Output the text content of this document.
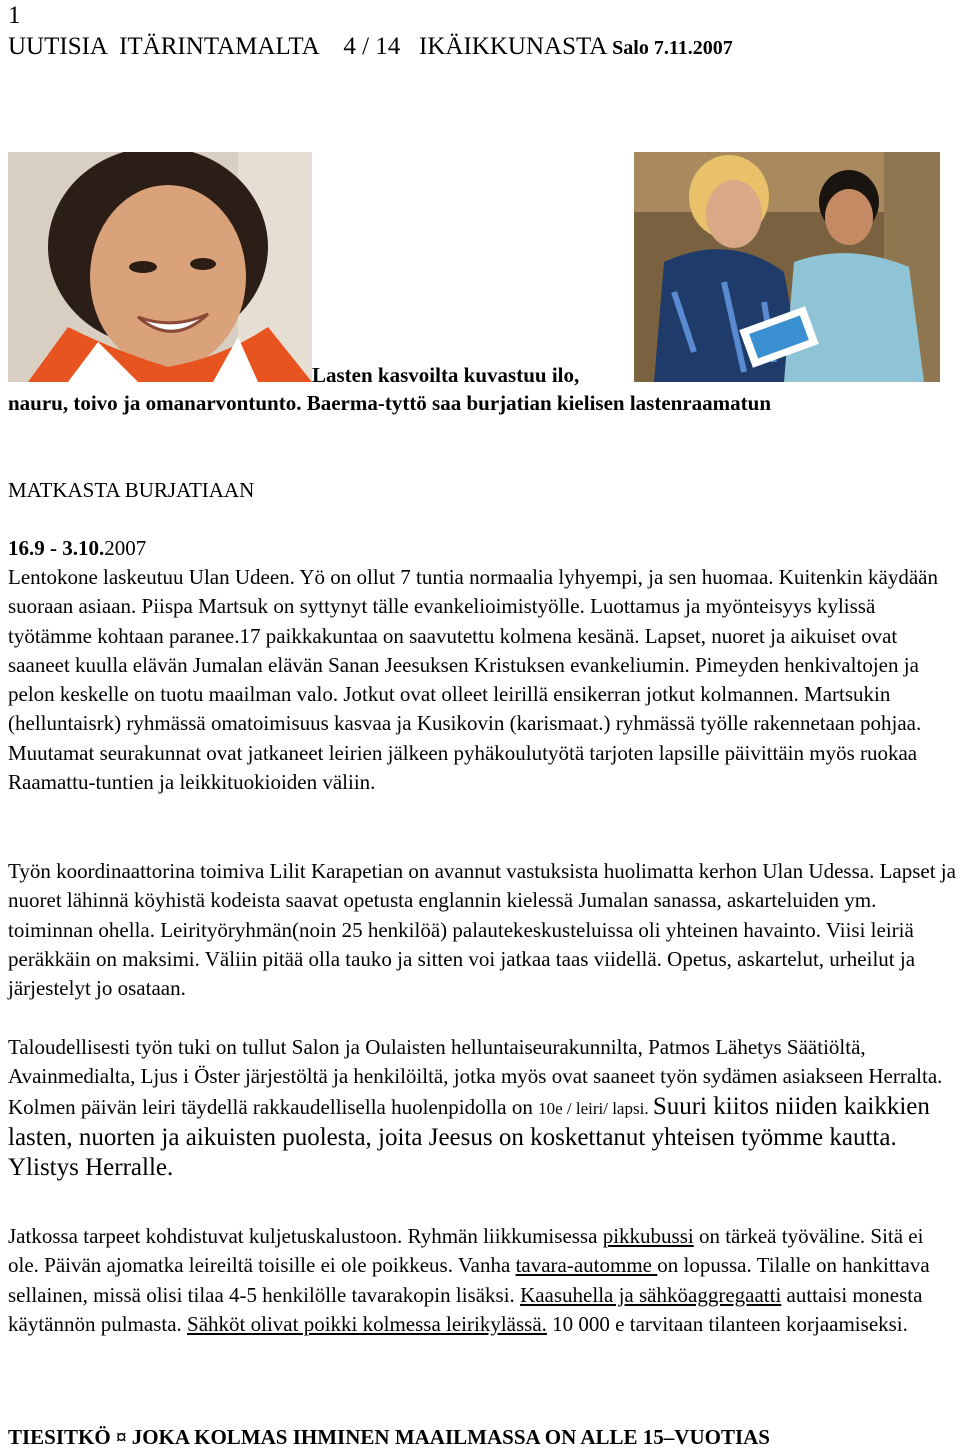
1
UUTISIA  ITÄRINTAMALTA    4 / 14   IKÄIKKUNASTA Salo 7.11.2007
Lasten kasvoilta kuvastuu ilo,
nauru, toivo ja omanarvontunto. Baerma-tyttö saa burjatian kielisen lastenraamatun
MATKASTA BURJATIAAN
16.9 - 3.10.2007
Lentokone laskeutuu Ulan Udeen. Yö on ollut 7 tuntia normaalia lyhyempi, ja sen huomaa. Kuitenkin käydään suoraan asiaan. Piispa Martsuk on syttynyt tälle evankelioimistyölle. Luottamus ja myönteisyys kylissä työtämme kohtaan paranee.17 paikkakuntaa on saavutettu kolmena kesänä. Lapset, nuoret ja aikuiset ovat saaneet kuulla elävän Jumalan elävän Sanan Jeesuksen Kristuksen evankeliumin. Pimeyden henkivaltojen ja pelon keskelle on tuotu maailman valo. Jotkut ovat olleet leirillä ensikerran jotkut kolmannen. Martsukin (helluntaisrk) ryhmässä omatoimisuus kasvaa ja Kusikovin (karismaat.) ryhmässä työlle rakennetaan pohjaa. Muutamat seurakunnat ovat jatkaneet leirien jälkeen pyhäkoulutyötä tarjoten lapsille päivittäin myös ruokaa Raamattu-tuntien ja leikkituokioiden väliin.
Työn koordinaattorina toimiva Lilit Karapetian on avannut vastuksista huolimatta kerhon Ulan Udessa. Lapset ja nuoret lähinnä köyhistä kodeista saavat opetusta englannin kielessä Jumalan sanassa, askarteluiden ym. toiminnan ohella. Leirityöryhmän(noin 25 henkilöä) palautekeskusteluissa oli yhteinen havainto. Viisi leiriä peräkkäin on maksimi. Väliin pitää olla tauko ja sitten voi jatkaa taas viidellä. Opetus, askartelut, urheilut ja järjestelyt jo osataan.
Taloudellisesti työn tuki on tullut Salon ja Oulaisten helluntaiseurakunnilta, Patmos Lähetys Säätiöltä, Avainmedialta, Ljus i Öster järjestöltä ja henkilöiltä, jotka myös ovat saaneet työn sydämen asiakseen Herralta. Kolmen päivän leiri täydellä rakkaudellisella huolenpidolla on 10e / leiri/ lapsi. Suuri kiitos niiden kaikkien lasten, nuorten ja aikuisten puolesta, joita Jeesus on koskettanut yhteisen työmme kautta. Ylistys Herralle.
Jatkossa tarpeet kohdistuvat kuljetuskalustoon. Ryhmän liikkumisessa pikkubussi on tärkeä työväline. Sitä ei ole. Päivän ajomatka leireiltä toisille ei ole poikkeus. Vanha tavara-automme on lopussa. Tilalle on hankittava sellainen, missä olisi tilaa 4-5 henkilölle tavarakopin lisäksi. Kaasuhella ja sähköaggregaatti auttaisi monesta käytännön pulmasta. Sähköt olivat poikki kolmessa leirikylässä. 10 000 e tarvitaan tilanteen korjaamiseksi.
TIESITKÖ ¤ JOKA KOLMAS IHMINEN MAAILMASSA ON ALLE 15–VUOTIAS
